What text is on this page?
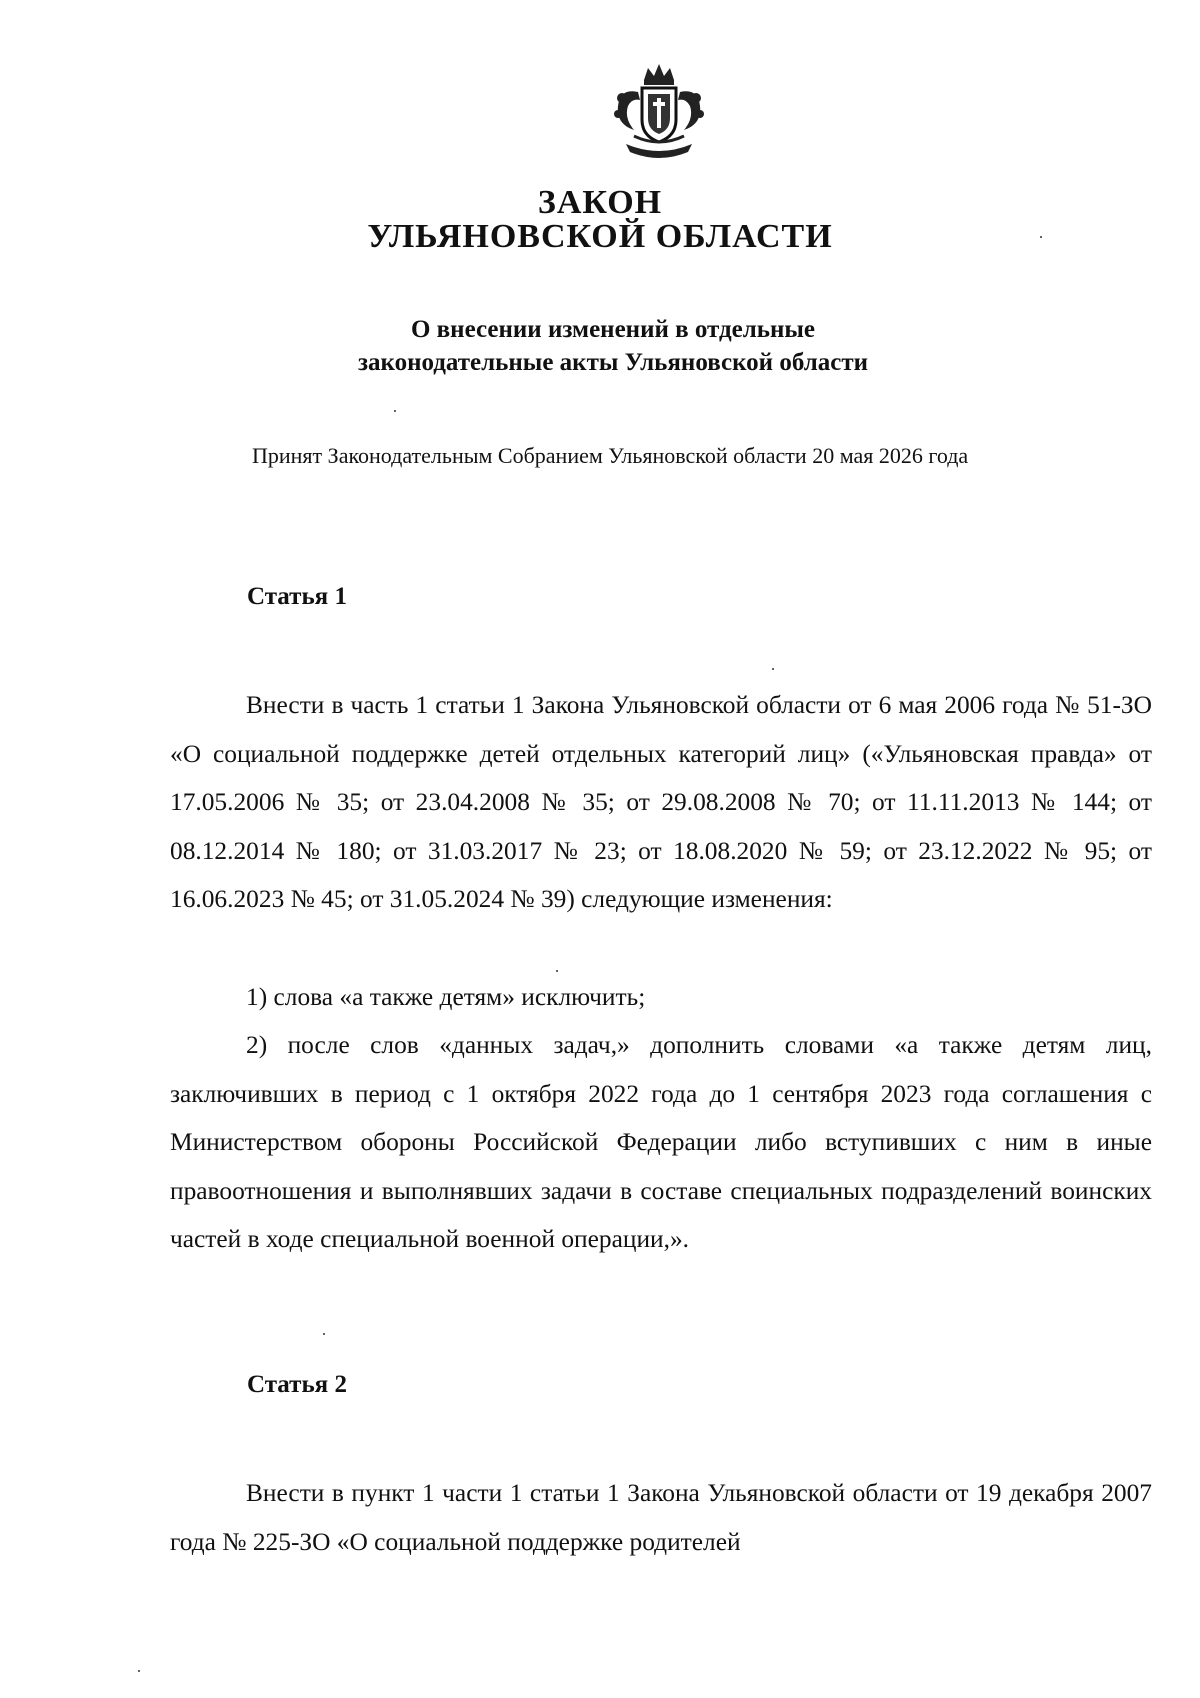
ЗАКОН
УЛЬЯНОВСКОЙ ОБЛАСТИ
О внесении изменений в отдельные
законодательные акты Ульяновской области

Принят Законодательным Собранием Ульяновской области 20 мая 2026 года

Статья 1

Внести в часть 1 статьи 1 Закона Ульяновской области от 6 мая 2006 года № 51-ЗО «О социальной поддержке детей отдельных категорий лиц» («Ульяновская правда» от 17.05.2006 № 35; от 23.04.2008 № 35; от 29.08.2008 № 70; от 11.11.2013 № 144; от 08.12.2014 № 180; от 31.03.2017 № 23; от 18.08.2020 № 59; от 23.12.2022 № 95; от 16.06.2023 № 45; от 31.05.2024 № 39) следующие изменения:

1) слова «а также детям» исключить;

2) после слов «данных задач,» дополнить словами «а также детям лиц, заключивших в период с 1 октября 2022 года до 1 сентября 2023 года соглашения с Министерством обороны Российской Федерации либо вступивших с ним в иные правоотношения и выполнявших задачи в составе специальных подразделений воинских частей в ходе специальной военной операции,».

Статья 2

Внести в пункт 1 части 1 статьи 1 Закона Ульяновской области от 19 декабря 2007 года № 225-ЗО «О социальной поддержке родителей
